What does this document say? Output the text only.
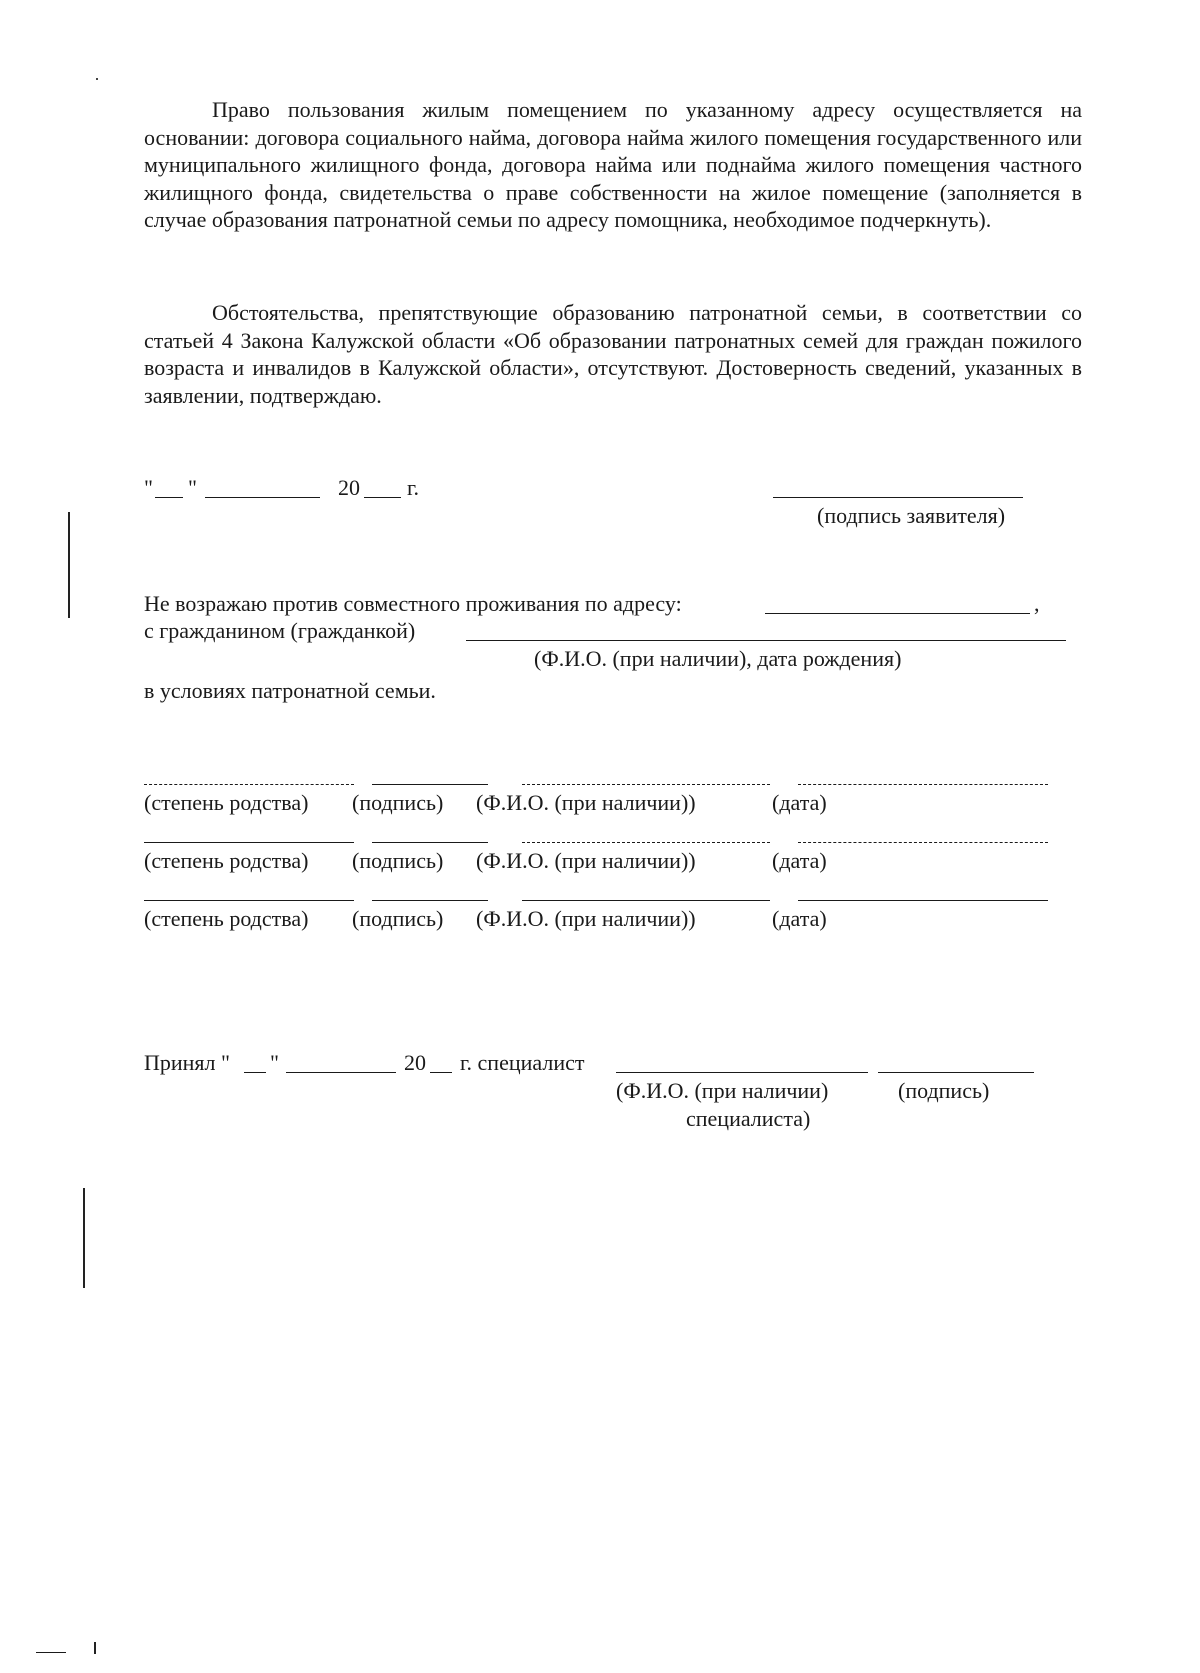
Право пользования жилым помещением по указанному адресу осуществляется на основании: договора социального найма, договора найма жилого помещения государственного или муниципального жилищного фонда, договора найма или поднайма жилого помещения частного жилищного фонда, свидетельства о праве собственности на жилое помещение (заполняется в случае образования патронатной семьи по адресу помощника, необходимое подчеркнуть).
Обстоятельства, препятствующие образованию патронатной семьи, в соответствии со статьей 4 Закона Калужской области «Об образовании патронатных семей для граждан пожилого возраста и инвалидов в Калужской области», отсутствуют. Достоверность сведений, указанных в заявлении, подтверждаю.
" "	20 г.
(подпись заявителя)
Не возражаю против совместного проживания по адресу:	,
с гражданином (гражданкой)
(Ф.И.О. (при наличии), дата рождения)
в условиях патронатной семьи.
(степень родства) (подпись) (Ф.И.О. (при наличии))	(дата)
(степень родства) (подпись) (Ф.И.О. (при наличии))	(дата)
(степень родства) (подпись) (Ф.И.О. (при наличии))	(дата)
Принял " "	20 г. специалист
(Ф.И.О. (при наличии)	(подпись)
специалиста)
